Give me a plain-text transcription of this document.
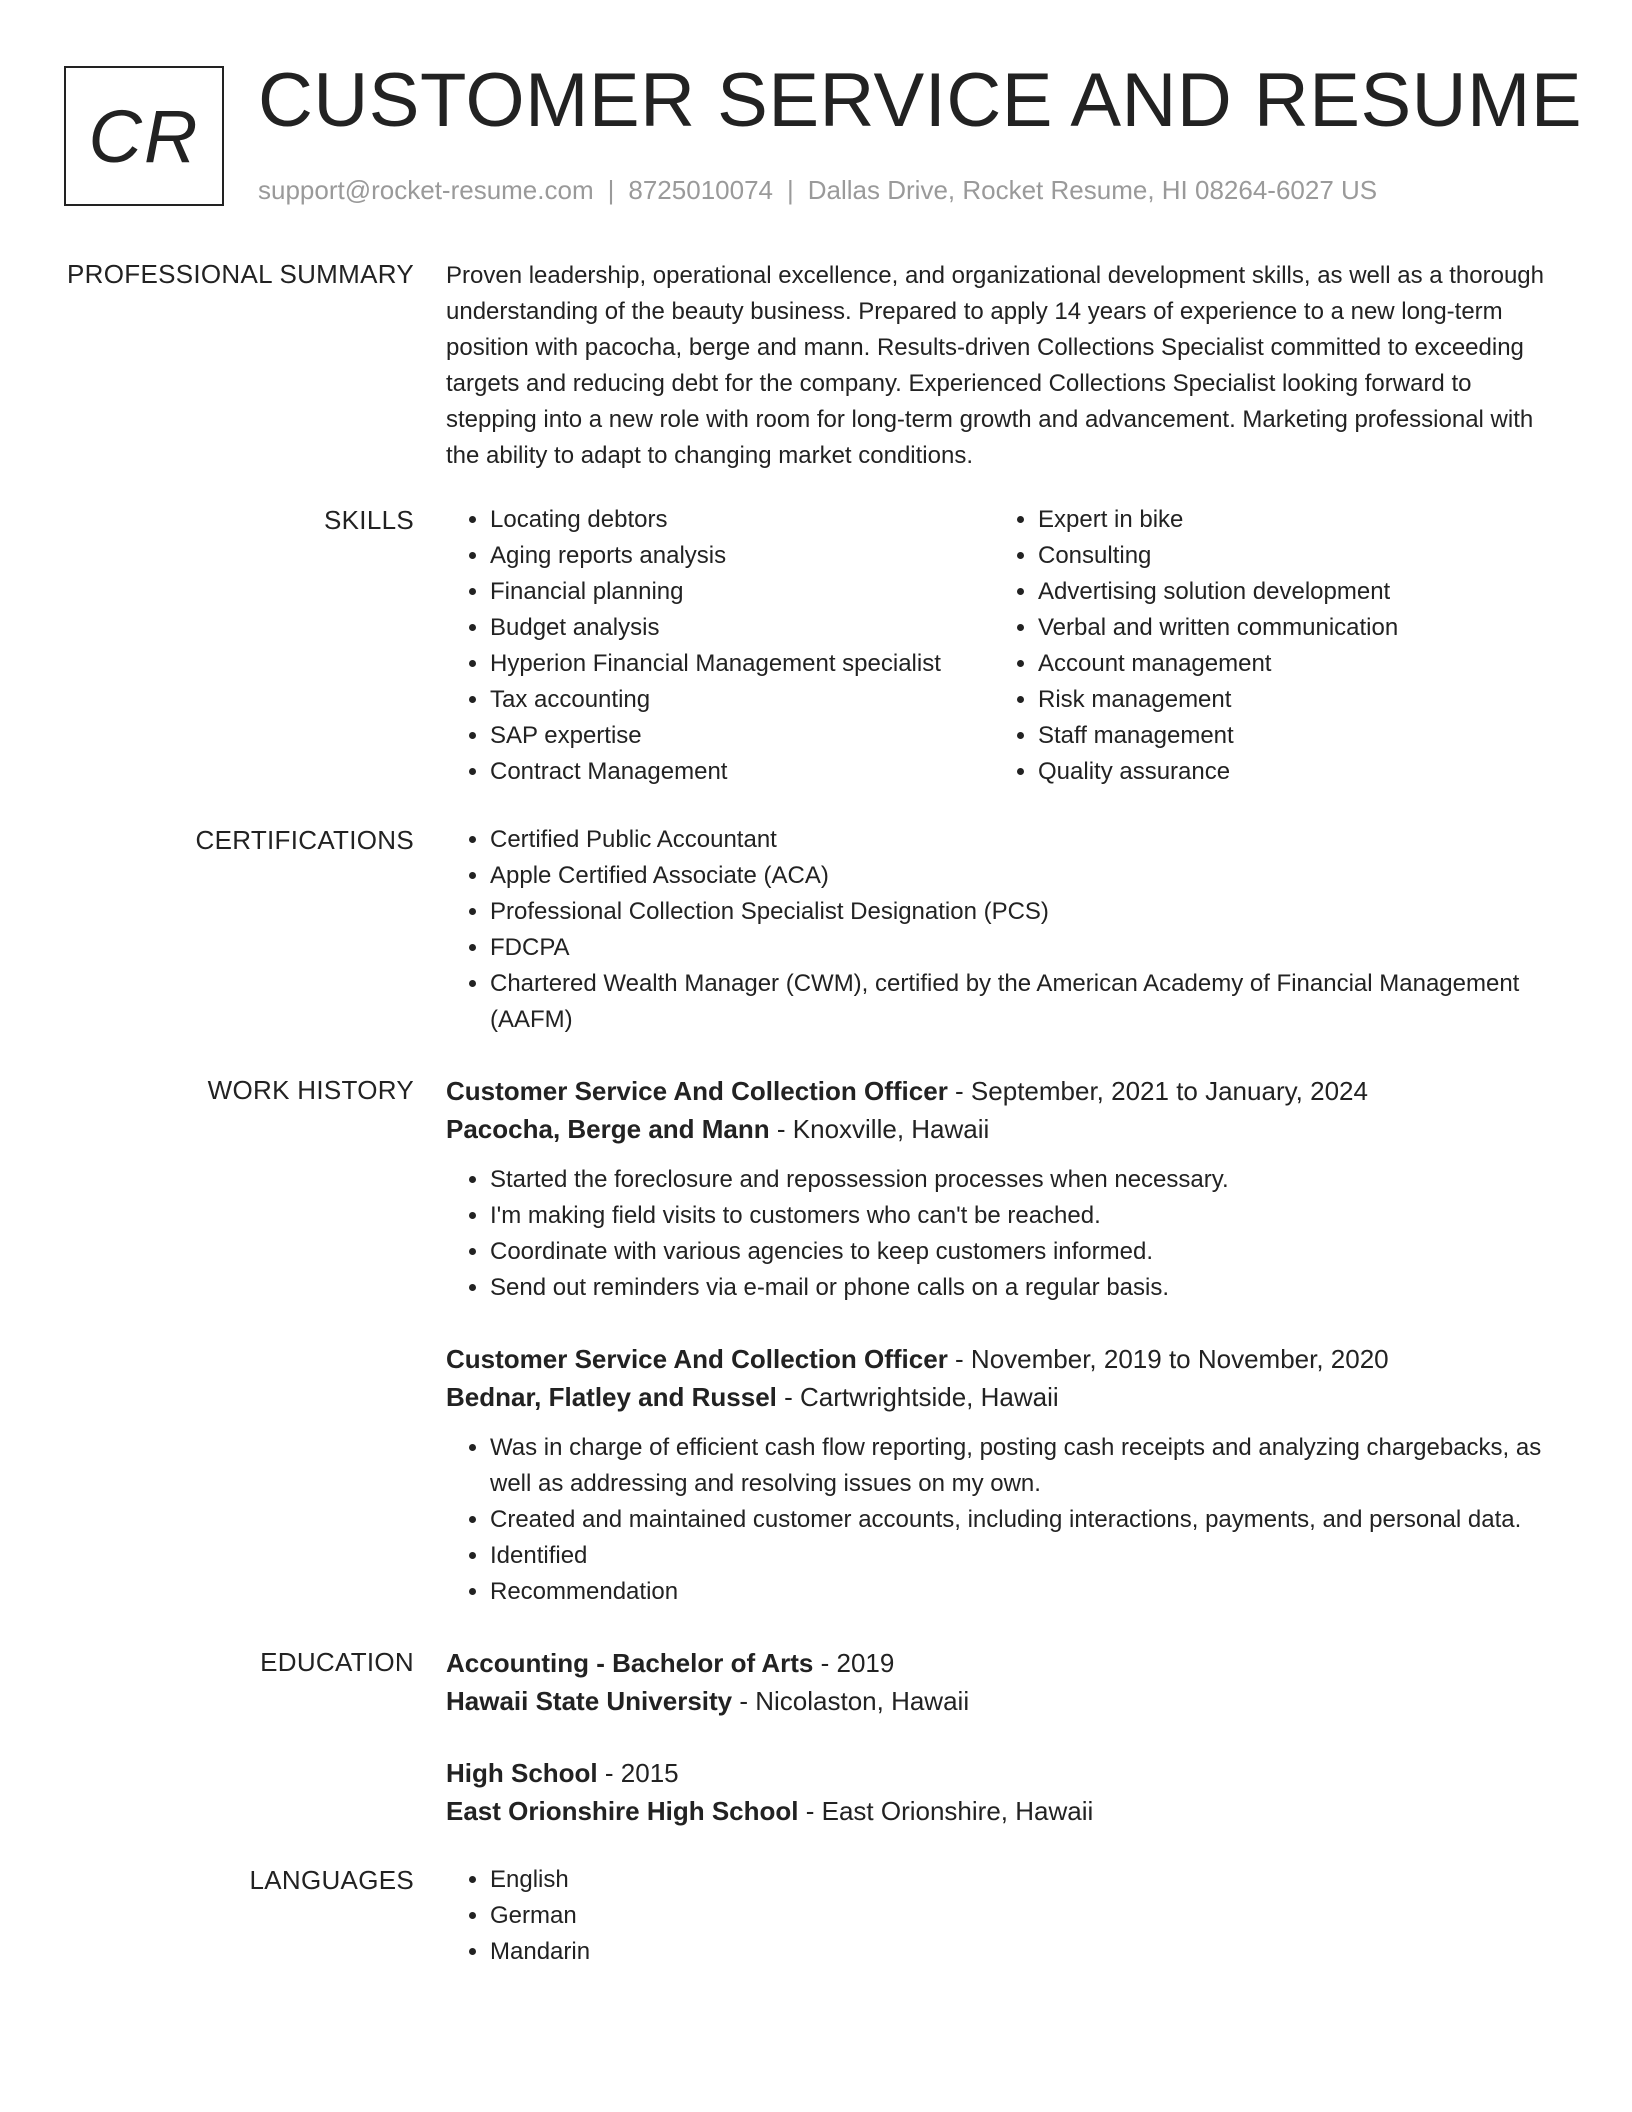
CR CUSTOMER SERVICE AND RESUME
support@rocket-resume.com | 8725010074 | Dallas Drive, Rocket Resume, HI 08264-6027 US
PROFESSIONAL SUMMARY Proven leadership, operational excellence, and organizational development skills, as well as a thorough understanding of the beauty business. Prepared to apply 14 years of experience to a new long-term position with pacocha, berge and mann. Results-driven Collections Specialist committed to exceeding targets and reducing debt for the company. Experienced Collections Specialist looking forward to stepping into a new role with room for long-term growth and advancement. Marketing professional with the ability to adapt to changing market conditions.
SKILLS	• Locating debtors
• Aging reports analysis
• Financial planning
• Budget analysis
• Hyperion Financial Management specialist
• Tax accounting
• SAP expertise
• Contract Management
• Expert in bike
• Consulting
• Advertising solution development
• Verbal and written communication
• Account management
• Risk management
• Staff management
• Quality assurance
CERTIFICATIONS	• Certified Public Accountant
• Apple Certified Associate (ACA)
• Professional Collection Specialist Designation (PCS)
• FDCPA
• Chartered Wealth Manager (CWM), certified by the American Academy of Financial Management (AAFM)
WORK HISTORY Customer Service And Collection Officer - September, 2021 to January, 2024
Pacocha, Berge and Mann - Knoxville, Hawaii
• Started the foreclosure and repossession processes when necessary.
• I'm making field visits to customers who can't be reached.
• Coordinate with various agencies to keep customers informed.
• Send out reminders via e-mail or phone calls on a regular basis.
Customer Service And Collection Officer - November, 2019 to November, 2020
Bednar, Flatley and Russel - Cartwrightside, Hawaii
• Was in charge of efficient cash flow reporting, posting cash receipts and analyzing chargebacks, as well as addressing and resolving issues on my own.
• Created and maintained customer accounts, including interactions, payments, and personal data.
• Identified
• Recommendation
EDUCATION Accounting - Bachelor of Arts - 2019
Hawaii State University - Nicolaston, Hawaii
High School - 2015
East Orionshire High School - East Orionshire, Hawaii
LANGUAGES	• English
• German
• Mandarin
